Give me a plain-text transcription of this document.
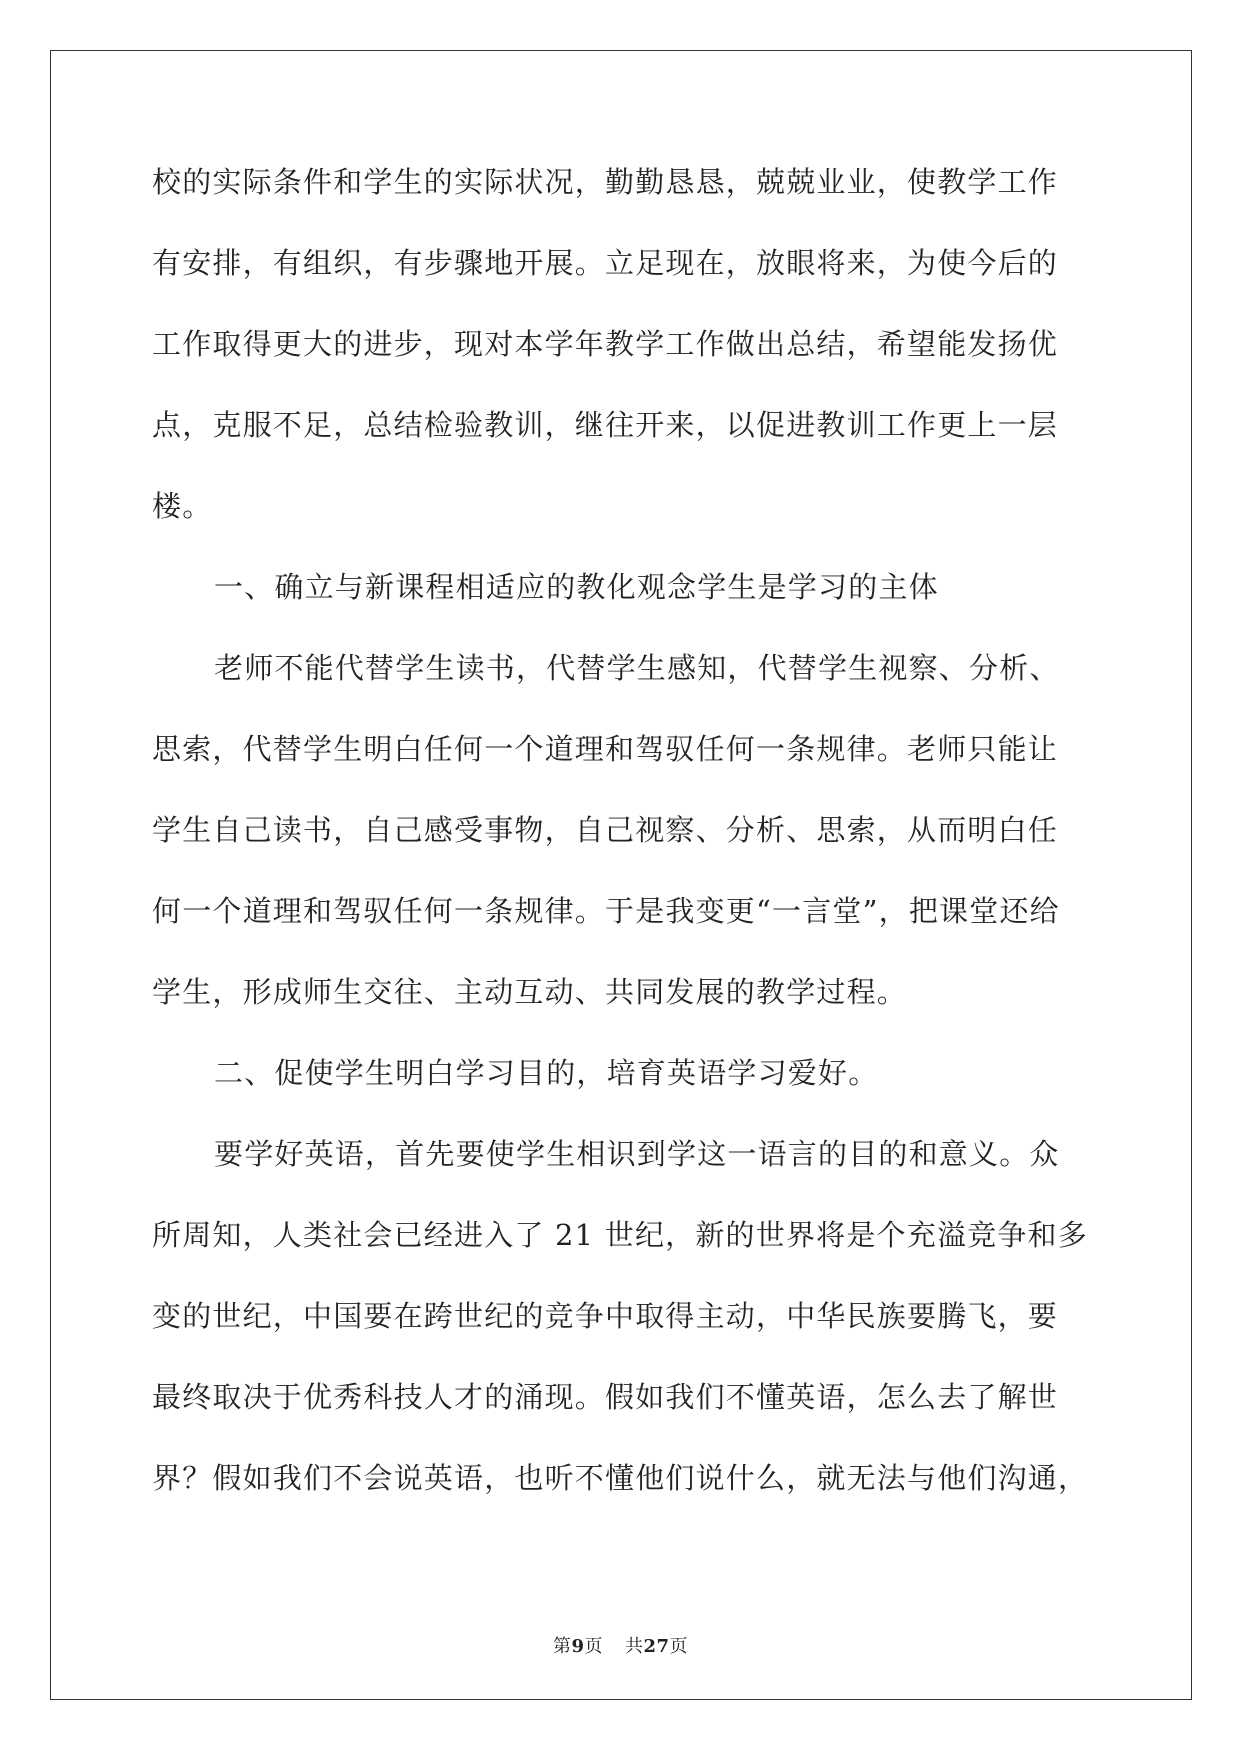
校的实际条件和学生的实际状况，勤勤恳恳，兢兢业业，使教学工作
有安排，有组织，有步骤地开展。立足现在，放眼将来，为使今后的
工作取得更大的进步，现对本学年教学工作做出总结，希望能发扬优
点，克服不足，总结检验教训，继往开来，以促进教训工作更上一层
楼。
一、确立与新课程相适应的教化观念学生是学习的主体
老师不能代替学生读书，代替学生感知，代替学生视察、分析、
思索，代替学生明白任何一个道理和驾驭任何一条规律。老师只能让
学生自己读书，自己感受事物，自己视察、分析、思索，从而明白任
何一个道理和驾驭任何一条规律。于是我变更“一言堂”，把课堂还给
学生，形成师生交往、主动互动、共同发展的教学过程。
二、促使学生明白学习目的，培育英语学习爱好。
要学好英语，首先要使学生相识到学这一语言的目的和意义。众
所周知，人类社会已经进入了 21 世纪，新的世界将是个充溢竞争和多
变的世纪，中国要在跨世纪的竞争中取得主动，中华民族要腾飞，要
最终取决于优秀科技人才的涌现。假如我们不懂英语，怎么去了解世
界？假如我们不会说英语，也听不懂他们说什么，就无法与他们沟通，
第9页 共27页
